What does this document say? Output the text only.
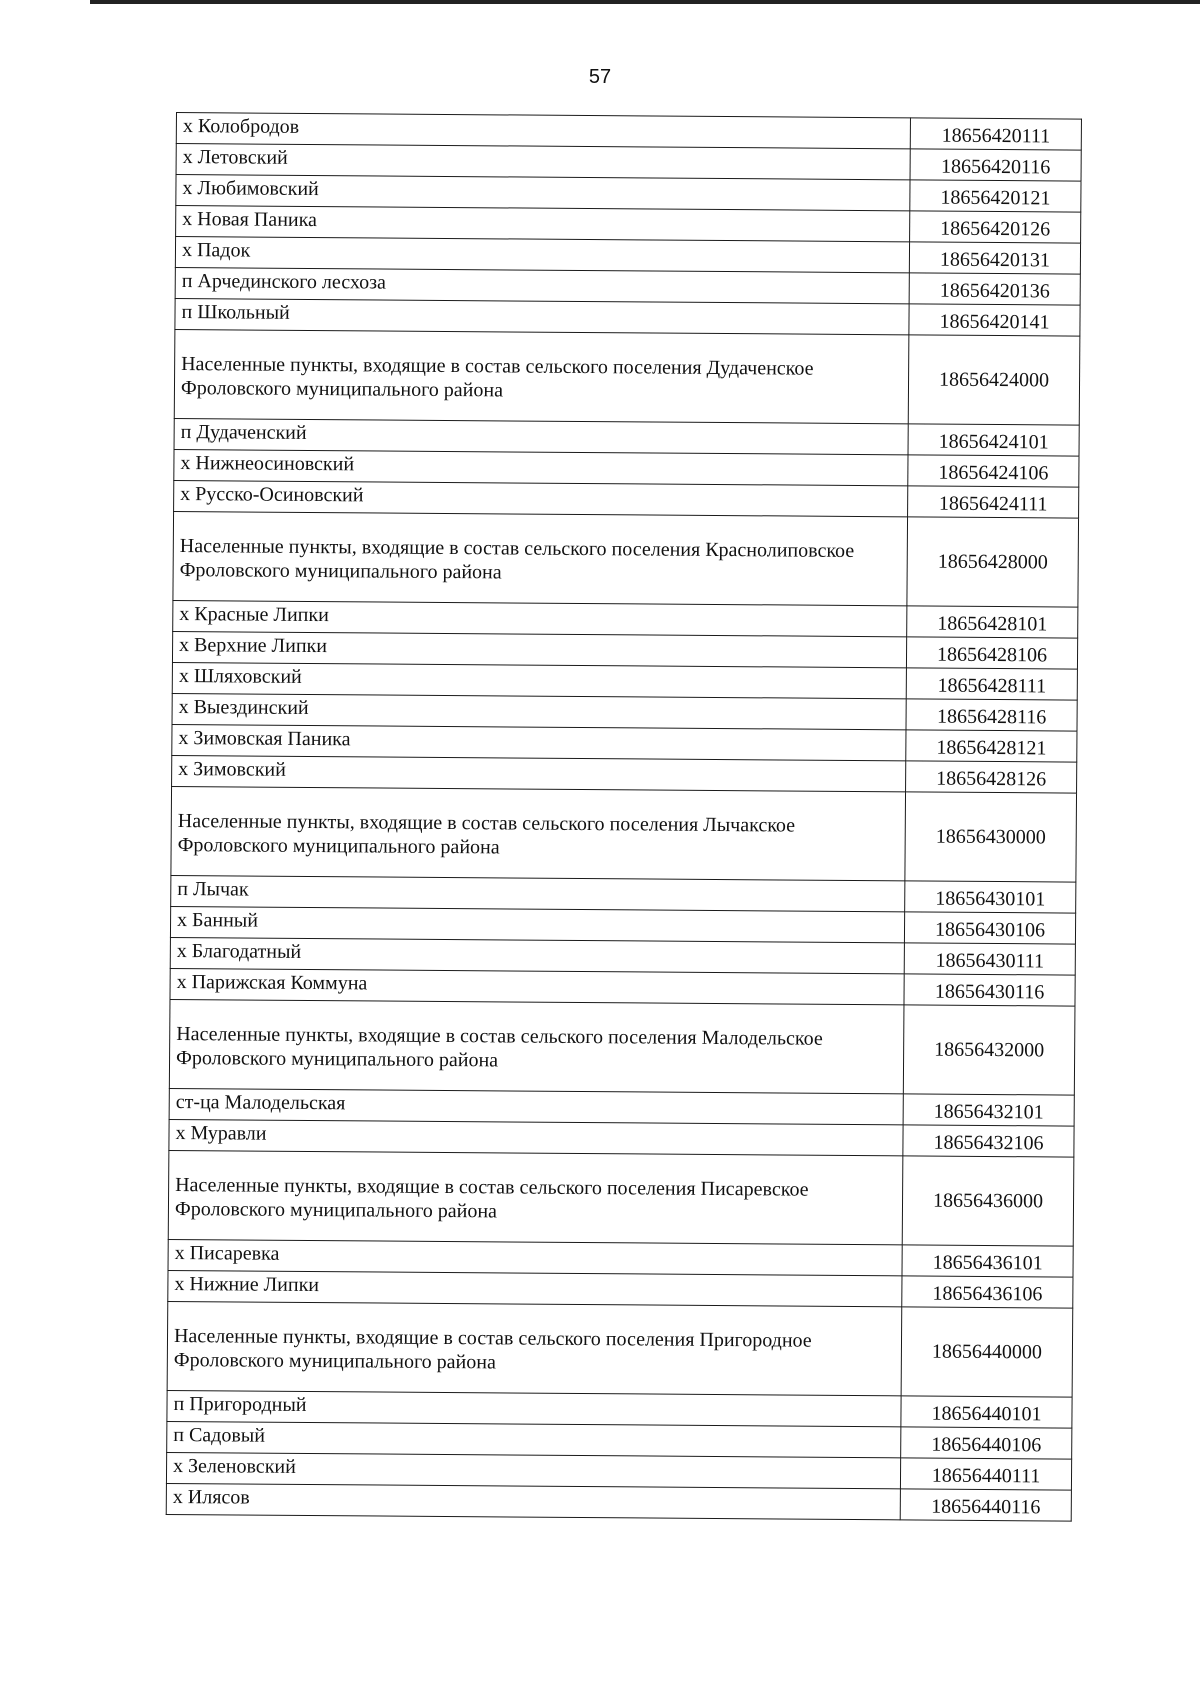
57
х Колобродов	18656420111
х Летовский	18656420116
х Любимовский	18656420121
х Новая Паника	18656420126
х Падок	18656420131
п Арчединского лесхоза	18656420136
п Школьный	18656420141
Населенные пункты, входящие в состав сельского поселения Дудаченское Фроловского муниципального района	18656424000
п Дудаченский	18656424101
х Нижнеосиновский	18656424106
х Русско-Осиновский	18656424111
Населенные пункты, входящие в состав сельского поселения Краснолиповское Фроловского муниципального района	18656428000
х Красные Липки	18656428101
х Верхние Липки	18656428106
х Шляховский	18656428111
х Выездинский	18656428116
х Зимовская Паника	18656428121
х Зимовский	18656428126
Населенные пункты, входящие в состав сельского поселения Лычакское Фроловского муниципального района	18656430000
п Лычак	18656430101
х Банный	18656430106
х Благодатный	18656430111
х Парижская Коммуна	18656430116
Населенные пункты, входящие в состав сельского поселения Малодельское Фроловского муниципального района	18656432000
ст-ца Малодельская	18656432101
х Муравли	18656432106
Населенные пункты, входящие в состав сельского поселения Писаревское Фроловского муниципального района	18656436000
х Писаревка	18656436101
х Нижние Липки	18656436106
Населенные пункты, входящие в состав сельского поселения Пригородное Фроловского муниципального района	18656440000
п Пригородный	18656440101
п Садовый	18656440106
х Зеленовский	18656440111
х Илясов	18656440116
